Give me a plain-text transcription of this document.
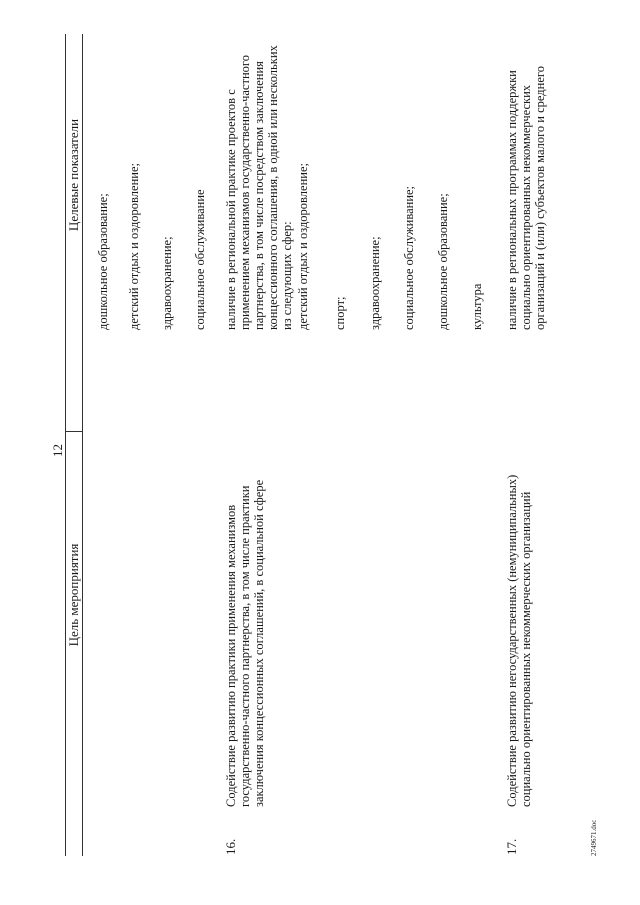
12
Цель мероприятия
Целевые показатели
дошкольное образование; детский отдых и оздоровление; здравоохранение; социальное обслуживание
16.
Содействие развитию практики применения механизмов государственно-частного партнерства, в том числе практики заключения концессионных соглашений, в социальной сфере
наличие в региональной практике проектов с применением механизмов государственно-частного партнерства, в том числе посредством заключения концессионного соглашения, в одной или нескольких из следующих сфер: детский отдых и оздоровление; спорт; здравоохранение; социальное обслуживание; дошкольное образование; культура
17.
Содействие развитию негосударственных (немуниципальных) социально ориентированных некоммерческих организаций
наличие в региональных программах поддержки социально ориентированных некоммерческих организаций и (или) субъектов малого и среднего
2749671.doc
